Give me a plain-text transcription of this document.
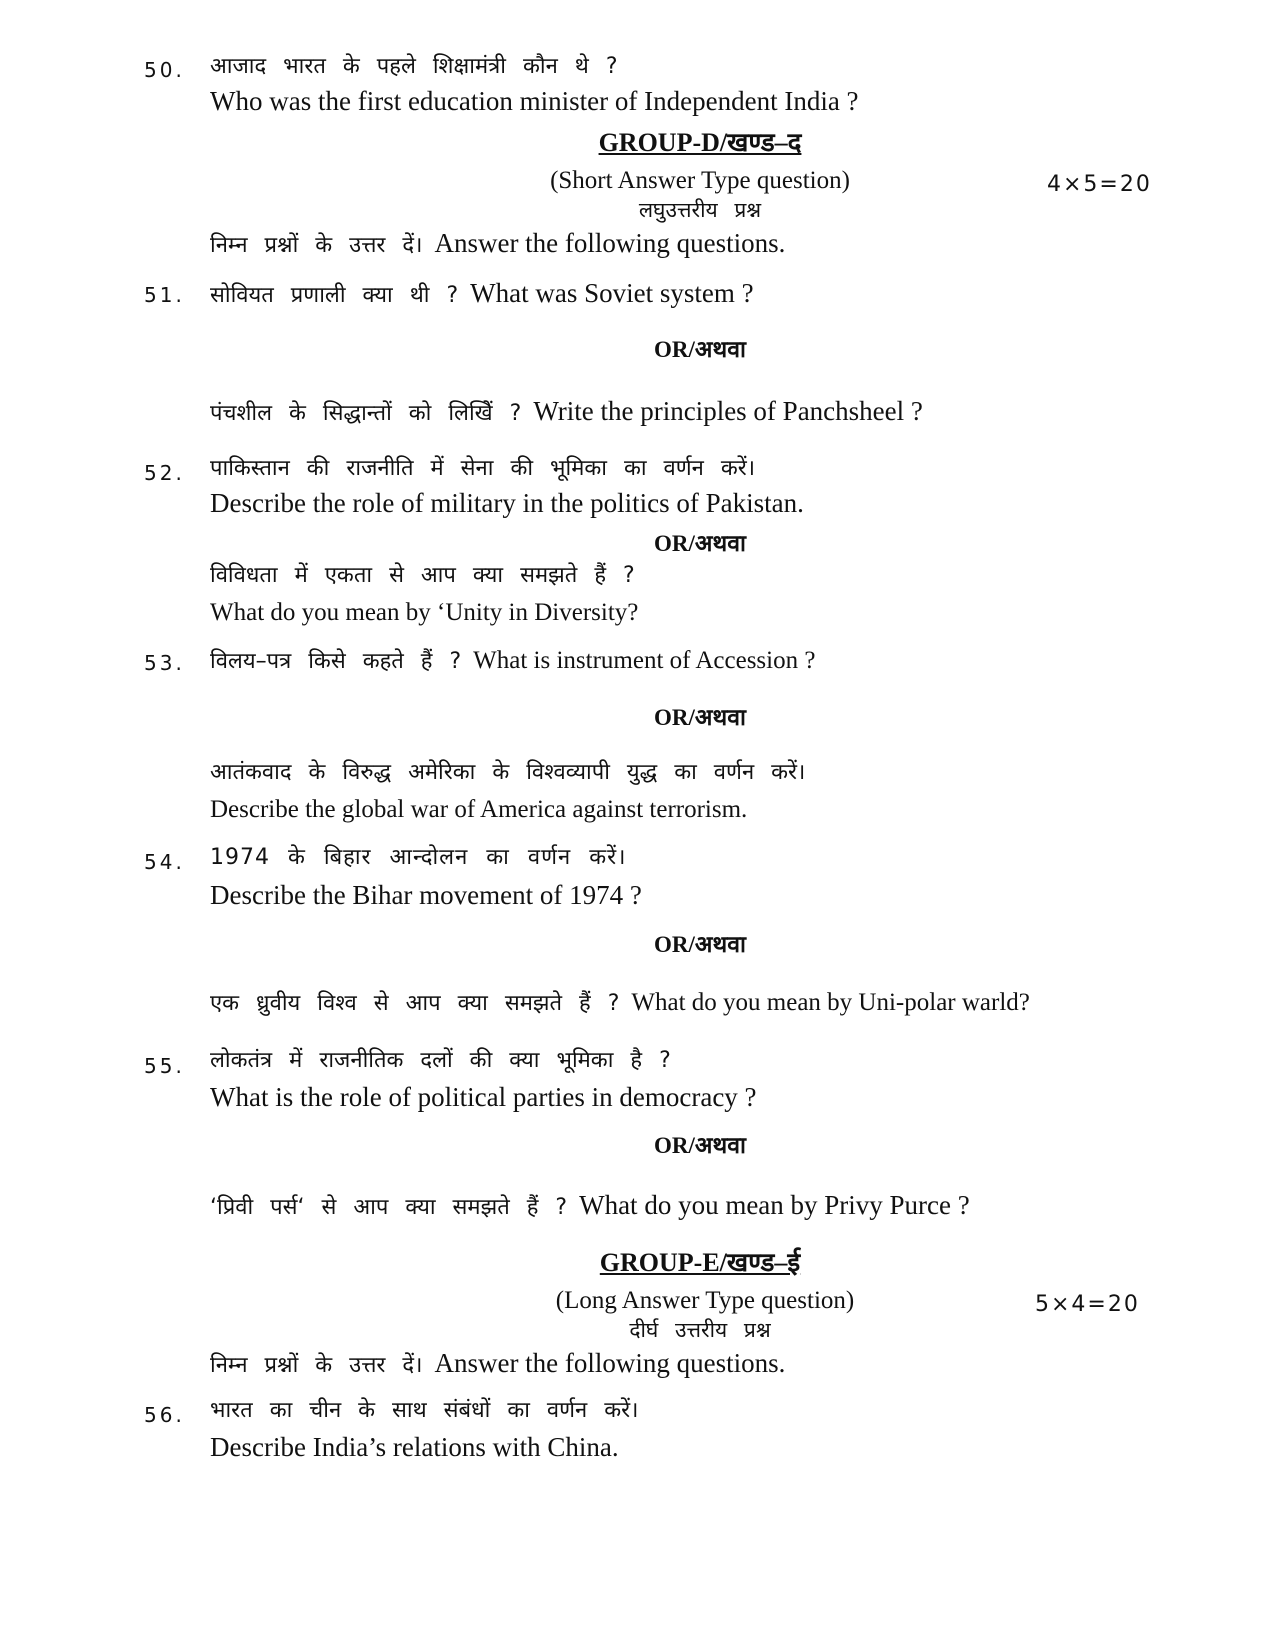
50. आजाद भारत के पहले शिक्षामंत्री कौन थे ?
Who was the first education minister of Independent India ?
GROUP-D/खण्ड–द
(Short Answer Type question)	4×5=20
लघुउत्तरीय प्रश्न
निम्न प्रश्नों के उत्तर दें। Answer the following questions.
51. सोवियत प्रणाली क्या थी ? What was Soviet system ?
OR/अथवा
पंचशील के सिद्धान्तों को लिखिें ? Write the principles of Panchsheel ?
52. पाकिस्तान की राजनीति में सेना की भूमिका का वर्णन करें।
Describe the role of military in the politics of Pakistan.
OR/अथवा
विविधता में एकता से आप क्या समझते हैं ?
What do you mean by ‘Unity in Diversity?
53. विलय–पत्र किसे कहते हैं ? What is instrument of Accession ?
OR/अथवा
आतंकवाद के विरुद्ध अमेरिका के विश्वव्यापी युद्ध का वर्णन करें।
Describe the global war of America against terrorism.
54. 1974 के बिहार आन्दोलन का वर्णन करें।
Describe the Bihar movement of 1974 ?
OR/अथवा
एक ध्रुवीय विश्व से आप क्या समझते हैं ? What do you mean by Uni-polar warld?
55. लोकतंत्र में राजनीतिक दलों की क्या भूमिका है ?
What is the role of political parties in democracy ?
OR/अथवा
‘प्रिवी पर्स‘ से आप क्या समझते हैं ? What do you mean by Privy Purce ?
GROUP-E/खण्ड–ई
(Long Answer Type question)	5×4=20
दीर्घ उत्तरीय प्रश्न
निम्न प्रश्नों के उत्तर दें। Answer the following questions.
56. भारत का चीन के साथ संबंधों का वर्णन करें।
Describe India’s relations with China.
